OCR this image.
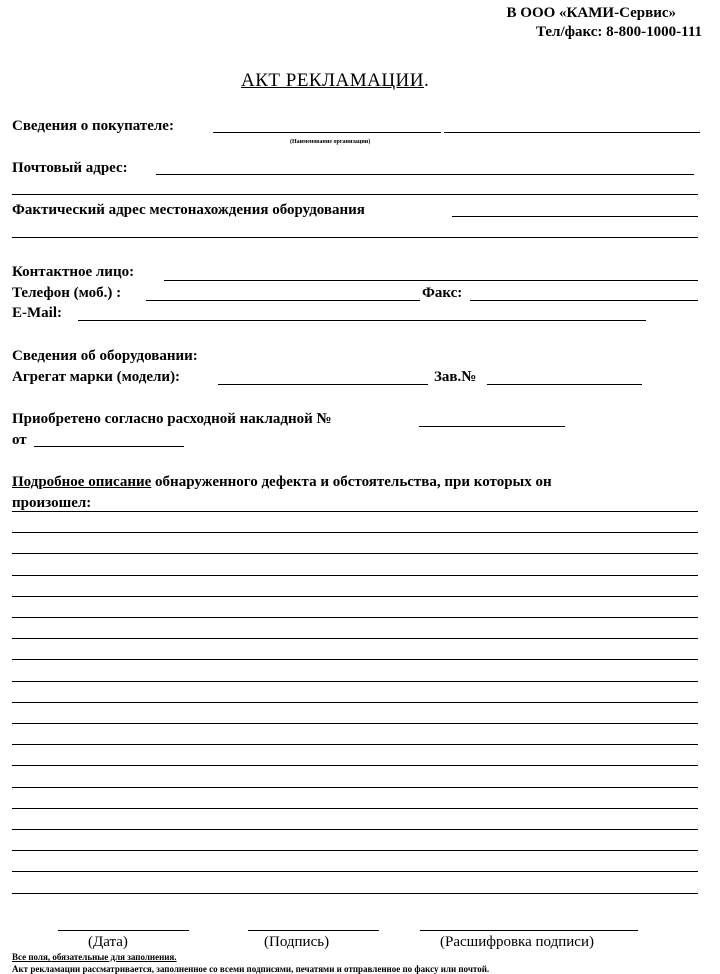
В ООО «КАМИ-Сервис»
Тел/факс: 8-800-1000-111
АКТ РЕКЛАМАЦИИ.
Сведения о покупателе:
(Наименование организации)
Почтовый адрес:
Фактический адрес местонахождения оборудования
Контактное лицо:
Телефон (моб.) :	Факс:
E-Mail:
Сведения об оборудовании:
Агрегат марки (модели):	Зав.№
Приобретено согласно расходной накладной №
от
Подробное описание обнаруженного дефекта и обстоятельства, при которых он
произошел:
(Дата)	(Подпись)	(Расшифровка подписи)
Все поля, обязательные для заполнения.
Акт рекламации рассматривается, заполненное со всеми подписями, печатями и отправленное по факсу или почтой.
